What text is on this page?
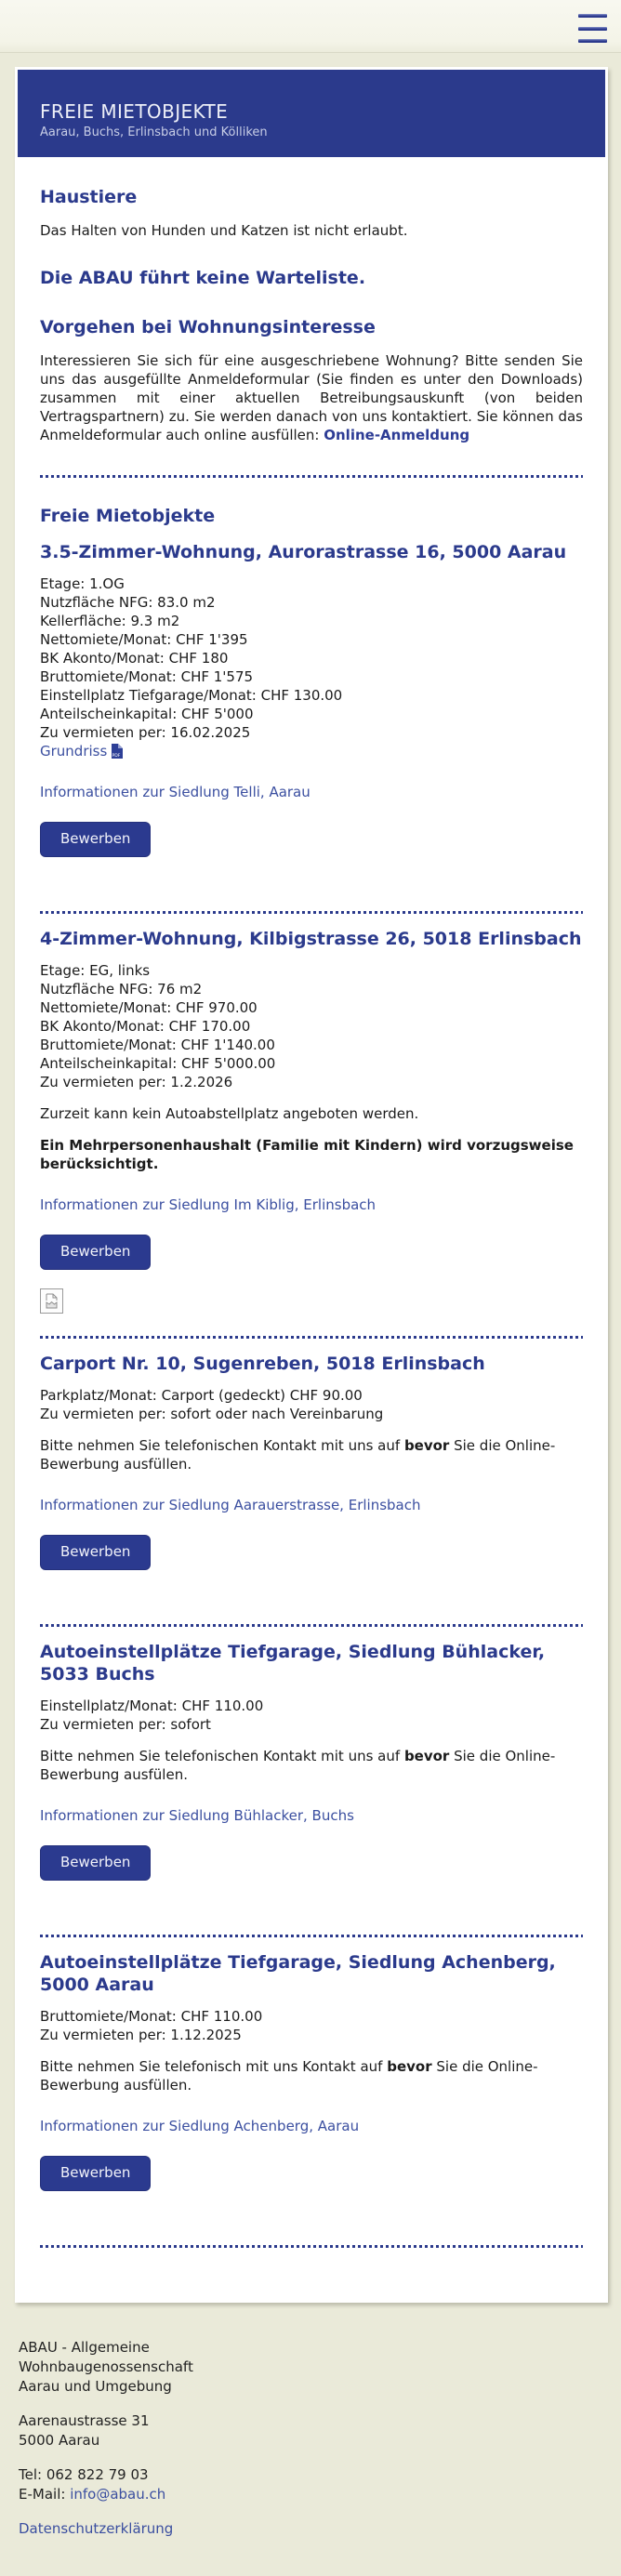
FREIE MIETOBJEKTE
Aarau, Buchs, Erlinsbach und Kölliken
Haustiere

Das Halten von Hunden und Katzen ist nicht erlaubt.

Die ABAU führt keine Warteliste.
Vorgehen bei Wohnungsinteresse

Interessieren Sie sich für eine ausgeschriebene Wohnung? Bitte senden Sie uns das ausgefüllte Anmeldeformular (Sie finden es unter den Downloads) zusammen mit einer aktuellen Betreibungsauskunft (von beiden Vertragspartnern) zu. Sie werden danach von uns kontaktiert. Sie können das Anmeldeformular auch online ausfüllen: Online-Anmeldung

Freie Mietobjekte
3.5-Zimmer-Wohnung, Aurorastrasse 16, 5000 Aarau
Etage: 1.OG
Nutzfläche NFG: 83.0 m2
Kellerfläche: 9.3 m2
Nettomiete/Monat: CHF 1'395
BK Akonto/Monat: CHF 180
Bruttomiete/Monat: CHF 1'575
Einstellplatz Tiefgarage/Monat: CHF 130.00
Anteilscheinkapital: CHF 5'000
Zu vermieten per: 16.02.2025
Grundriss PDF
Informationen zur Siedlung Telli, Aarau
Bewerben
4-Zimmer-Wohnung, Kilbigstrasse 26, 5018 Erlinsbach
Etage: EG, links
Nutzfläche NFG: 76 m2
Nettomiete/Monat: CHF 970.00
BK Akonto/Monat: CHF 170.00
Bruttomiete/Monat: CHF 1'140.00
Anteilscheinkapital: CHF 5'000.00
Zu vermieten per: 1.2.2026

Zurzeit kann kein Autoabstellplatz angeboten werden.

Ein Mehrpersonenhaushalt (Familie mit Kindern) wird vorzugsweise berücksichtigt.

Informationen zur Siedlung Im Kiblig, Erlinsbach
Bewerben
Carport Nr. 10, Sugenreben, 5018 Erlinsbach
Parkplatz/Monat: Carport (gedeckt) CHF 90.00
Zu vermieten per: sofort oder nach Vereinbarung

Bitte nehmen Sie telefonischen Kontakt mit uns auf bevor Sie die Online-Bewerbung ausfüllen.

Informationen zur Siedlung Aarauerstrasse, Erlinsbach
Bewerben
Autoeinstellplätze Tiefgarage, Siedlung Bühlacker, 5033 Buchs
Einstellplatz/Monat: CHF 110.00
Zu vermieten per: sofort

Bitte nehmen Sie telefonischen Kontakt mit uns auf bevor Sie die Online-Bewerbung ausfülen.

Informationen zur Siedlung Bühlacker, Buchs
Bewerben
Autoeinstellplätze Tiefgarage, Siedlung Achenberg, 5000 Aarau
Bruttomiete/Monat: CHF 110.00
Zu vermieten per: 1.12.2025

Bitte nehmen Sie telefonisch mit uns Kontakt auf bevor Sie die Online-Bewerbung ausfüllen.

Informationen zur Siedlung Achenberg, Aarau
Bewerben
ABAU - Allgemeine
Wohnbaugenossenschaft
Aarau und Umgebung
Aarenaustrasse 31
5000 Aarau
Tel: 062 822 79 03
E-Mail: info@abau.ch
Datenschutzerklärung
